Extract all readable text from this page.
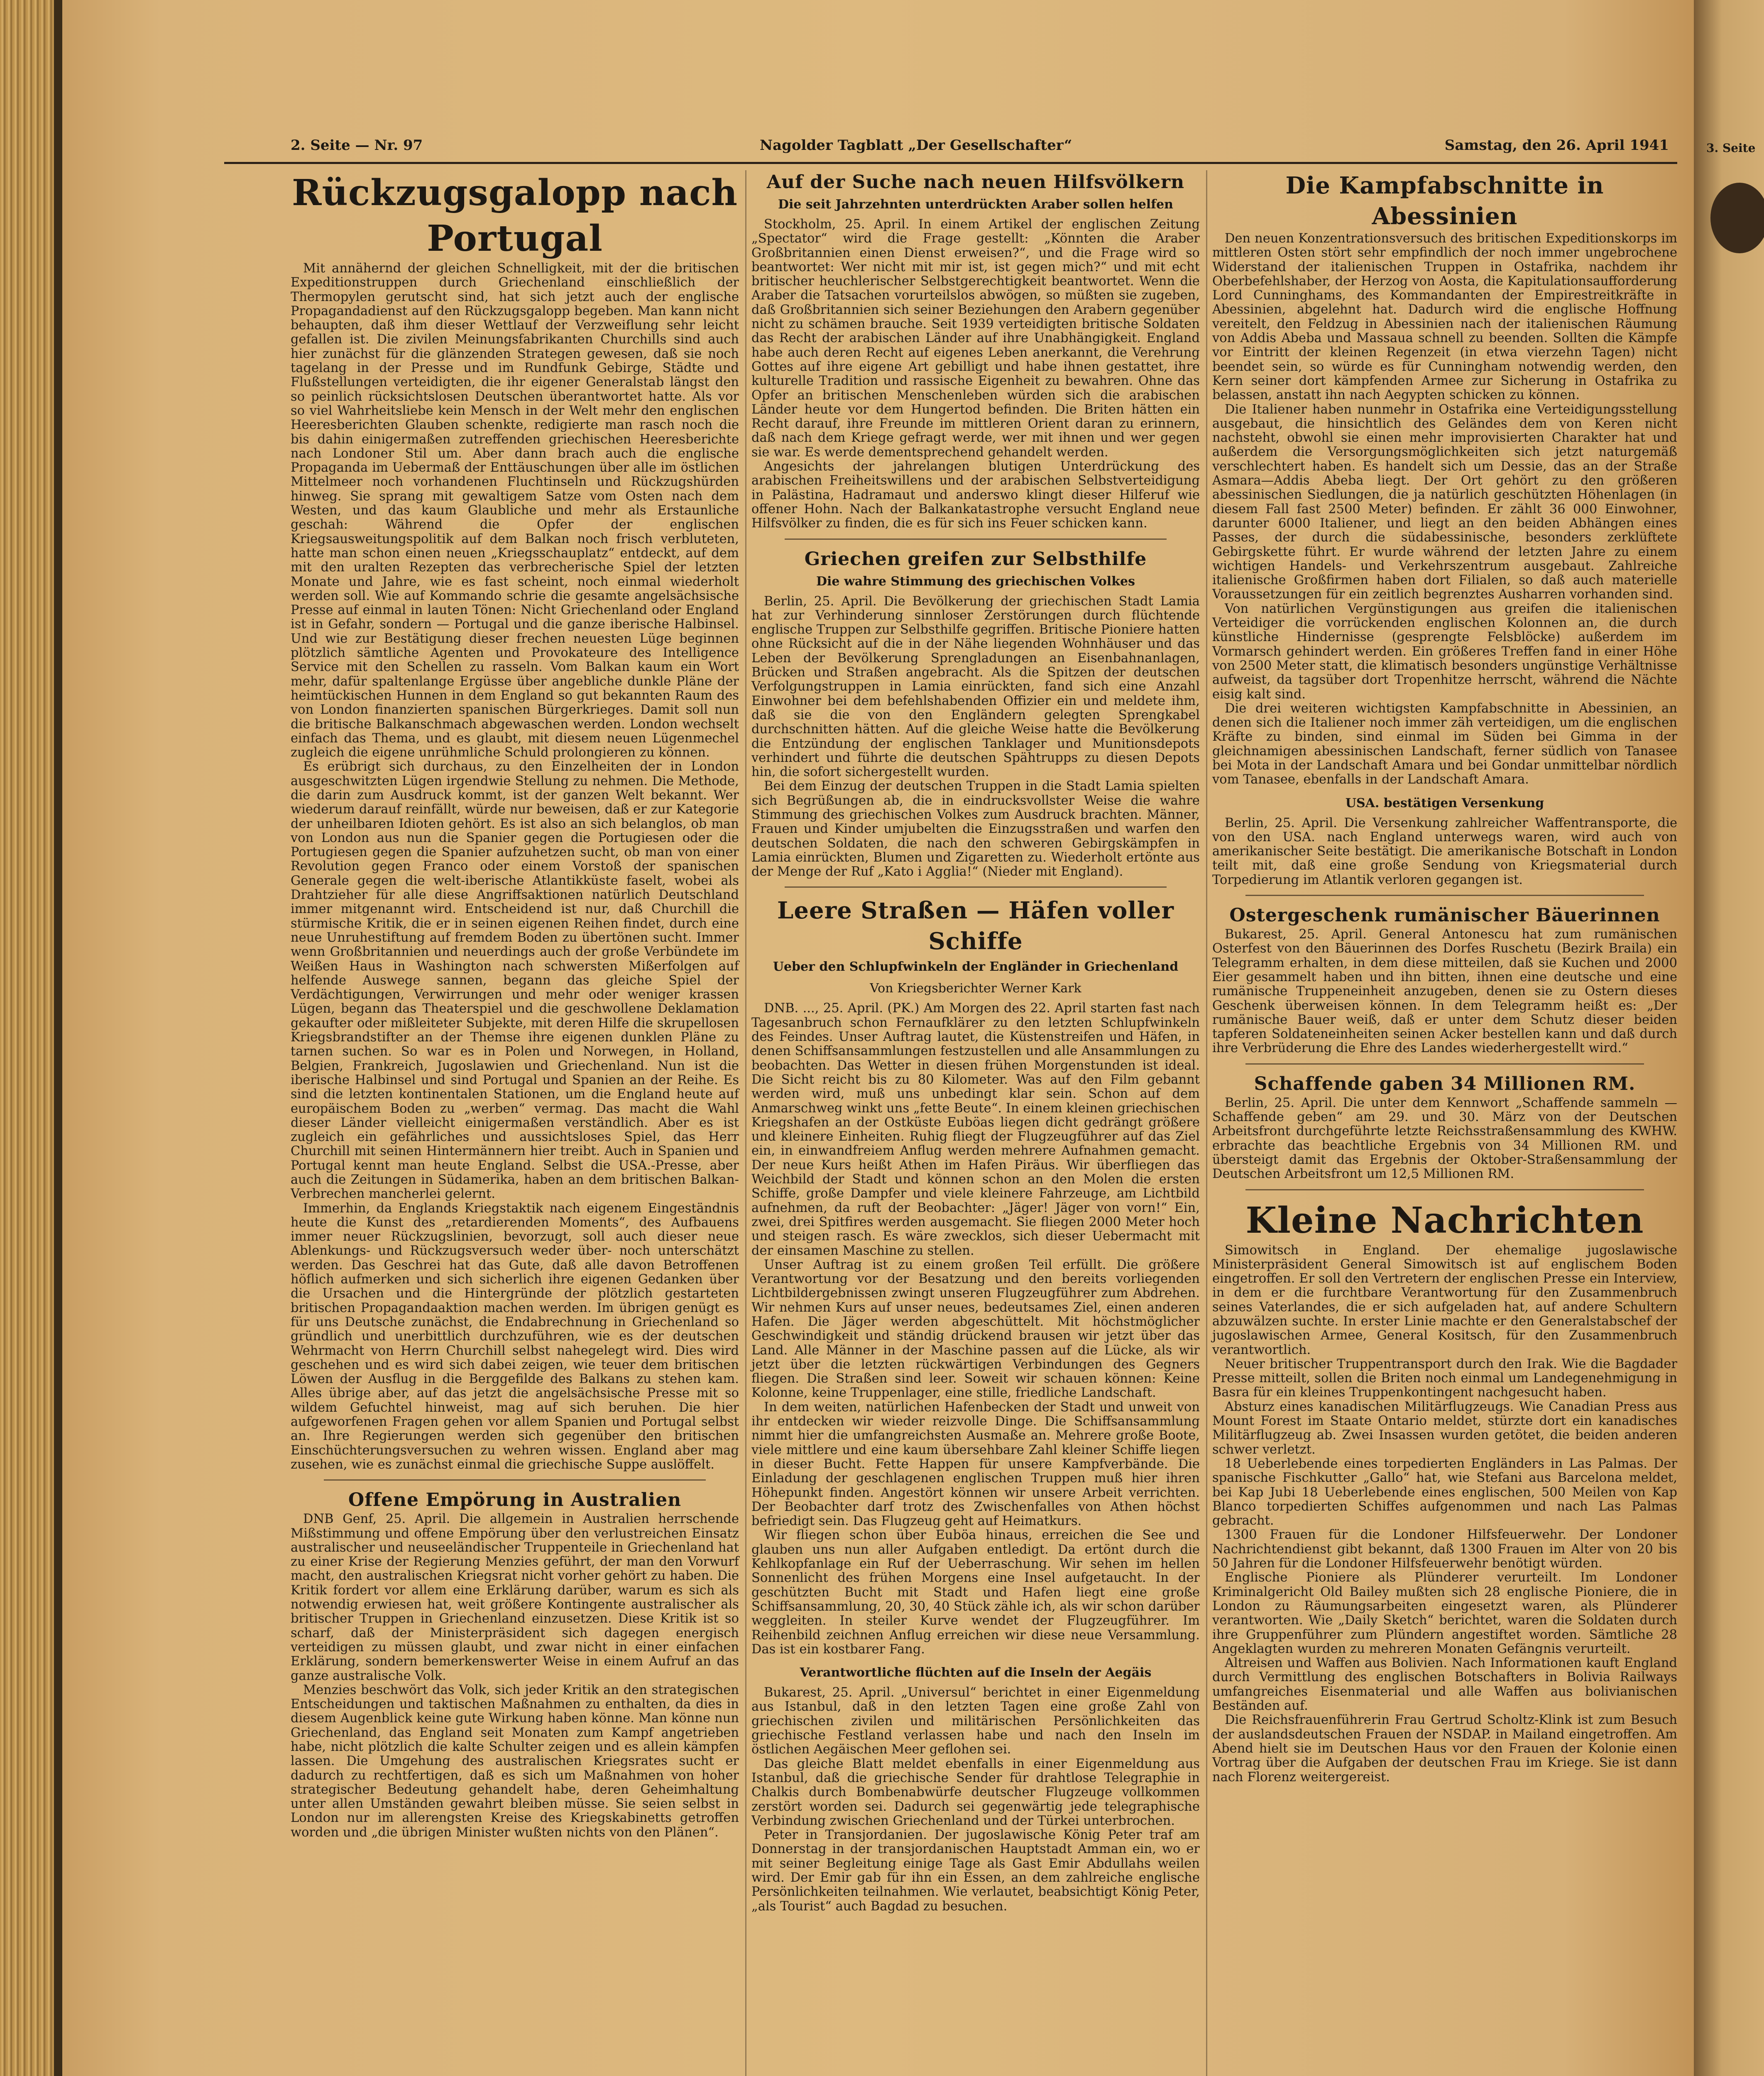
3. Seite
2. Seite — Nr. 97	Nagolder Tagblatt „Der Gesellschafter“	Samstag, den 26. April 1941
Rückzugsgalopp nach Portugal

Mit annähernd der gleichen Schnelligkeit, mit der die britischen Expeditionstruppen durch Griechenland einschließlich der Thermopylen gerutscht sind, hat sich jetzt auch der englische Propagandadienst auf den Rückzugsgalopp begeben. Man kann nicht behaupten, daß ihm dieser Wettlauf der Verzweiflung sehr leicht gefallen ist. Die zivilen Meinungsfabrikanten Churchills sind auch hier zunächst für die glänzenden Strategen gewesen, daß sie noch tagelang in der Presse und im Rundfunk Gebirge, Städte und Flußstellungen verteidigten, die ihr eigener Generalstab längst den so peinlich rücksichtslosen Deutschen überantwortet hatte. Als vor so viel Wahrheitsliebe kein Mensch in der Welt mehr den englischen Heeresberichten Glauben schenkte, redigierte man rasch noch die bis dahin einigermaßen zutreffenden griechischen Heeresberichte nach Londoner Stil um. Aber dann brach auch die englische Propaganda im Uebermaß der Enttäuschungen über alle im östlichen Mittelmeer noch vorhandenen Fluchtinseln und Rückzugshürden hinweg. Sie sprang mit gewaltigem Satze vom Osten nach dem Westen, und das kaum Glaubliche und mehr als Erstaunliche geschah: Während die Opfer der englischen Kriegsausweitungspolitik auf dem Balkan noch frisch verbluteten, hatte man schon einen neuen „Kriegsschauplatz“ entdeckt, auf dem mit den uralten Rezepten das verbrecherische Spiel der letzten Monate und Jahre, wie es fast scheint, noch einmal wiederholt werden soll. Wie auf Kommando schrie die gesamte angelsächsische Presse auf einmal in lauten Tönen: Nicht Griechenland oder England ist in Gefahr, sondern — Portugal und die ganze iberische Halbinsel. Und wie zur Bestätigung dieser frechen neuesten Lüge beginnen plötzlich sämtliche Agenten und Provokateure des Intelligence Service mit den Schellen zu rasseln. Vom Balkan kaum ein Wort mehr, dafür spaltenlange Ergüsse über angebliche dunkle Pläne der heimtückischen Hunnen in dem England so gut bekannten Raum des von London finanzierten spanischen Bürgerkrieges. Damit soll nun die britische Balkanschmach abgewaschen werden. London wechselt einfach das Thema, und es glaubt, mit diesem neuen Lügenmechel zugleich die eigene unrühmliche Schuld prolongieren zu können.

Es erübrigt sich durchaus, zu den Einzelheiten der in London ausgeschwitzten Lügen irgendwie Stellung zu nehmen. Die Methode, die darin zum Ausdruck kommt, ist der ganzen Welt bekannt. Wer wiederum darauf reinfällt, würde nur beweisen, daß er zur Kategorie der unheilbaren Idioten gehört. Es ist also an sich belanglos, ob man von London aus nun die Spanier gegen die Portugiesen oder die Portugiesen gegen die Spanier aufzuhetzen sucht, ob man von einer Revolution gegen Franco oder einem Vorstoß der spanischen Generale gegen die welt-iberische Atlantikküste faselt, wobei als Drahtzieher für alle diese Angriffsaktionen natürlich Deutschland immer mitgenannt wird. Entscheidend ist nur, daß Churchill die stürmische Kritik, die er in seinen eigenen Reihen findet, durch eine neue Unruhestiftung auf fremdem Boden zu übertönen sucht. Immer wenn Großbritannien und neuerdings auch der große Verbündete im Weißen Haus in Washington nach schwersten Mißerfolgen auf helfende Auswege sannen, begann das gleiche Spiel der Verdächtigungen, Verwirrungen und mehr oder weniger krassen Lügen, begann das Theaterspiel und die geschwollene Deklamation gekaufter oder mißleiteter Subjekte, mit deren Hilfe die skrupellosen Kriegsbrandstifter an der Themse ihre eigenen dunklen Pläne zu tarnen suchen. So war es in Polen und Norwegen, in Holland, Belgien, Frankreich, Jugoslawien und Griechenland. Nun ist die iberische Halbinsel und sind Portugal und Spanien an der Reihe. Es sind die letzten kontinentalen Stationen, um die England heute auf europäischem Boden zu „werben“ vermag. Das macht die Wahl dieser Länder vielleicht einigermaßen verständlich. Aber es ist zugleich ein gefährliches und aussichtsloses Spiel, das Herr Churchill mit seinen Hintermännern hier treibt. Auch in Spanien und Portugal kennt man heute England. Selbst die USA.-Presse, aber auch die Zeitungen in Südamerika, haben an dem britischen Balkan-Verbrechen mancherlei gelernt.

Immerhin, da Englands Kriegstaktik nach eigenem Eingeständnis heute die Kunst des „retardierenden Moments“, des Aufbauens immer neuer Rückzugslinien, bevorzugt, soll auch dieser neue Ablenkungs- und Rückzugsversuch weder über- noch unterschätzt werden. Das Geschrei hat das Gute, daß alle davon Betroffenen höflich aufmerken und sich sicherlich ihre eigenen Gedanken über die Ursachen und die Hintergründe der plötzlich gestarteten britischen Propagandaaktion machen werden. Im übrigen genügt es für uns Deutsche zunächst, die Endabrechnung in Griechenland so gründlich und unerbittlich durchzuführen, wie es der deutschen Wehrmacht von Herrn Churchill selbst nahegelegt wird. Dies wird geschehen und es wird sich dabei zeigen, wie teuer dem britischen Löwen der Ausflug in die Berggefilde des Balkans zu stehen kam. Alles übrige aber, auf das jetzt die angelsächsische Presse mit so wildem Gefuchtel hinweist, mag auf sich beruhen. Die hier aufgeworfenen Fragen gehen vor allem Spanien und Portugal selbst an. Ihre Regierungen werden sich gegenüber den britischen Einschüchterungsversuchen zu wehren wissen. England aber mag zusehen, wie es zunächst einmal die griechische Suppe auslöffelt.

Offene Empörung in Australien

DNB Genf, 25. April. Die allgemein in Australien herrschende Mißstimmung und offene Empörung über den verlustreichen Einsatz australischer und neuseeländischer Truppenteile in Griechenland hat zu einer Krise der Regierung Menzies geführt, der man den Vorwurf macht, den australischen Kriegsrat nicht vorher gehört zu haben. Die Kritik fordert vor allem eine Erklärung darüber, warum es sich als notwendig erwiesen hat, weit größere Kontingente australischer als britischer Truppen in Griechenland einzusetzen. Diese Kritik ist so scharf, daß der Ministerpräsident sich dagegen energisch verteidigen zu müssen glaubt, und zwar nicht in einer einfachen Erklärung, sondern bemerkenswerter Weise in einem Aufruf an das ganze australische Volk.

Menzies beschwört das Volk, sich jeder Kritik an den strategischen Entscheidungen und taktischen Maßnahmen zu enthalten, da dies in diesem Augenblick keine gute Wirkung haben könne. Man könne nun Griechenland, das England seit Monaten zum Kampf angetrieben habe, nicht plötzlich die kalte Schulter zeigen und es allein kämpfen lassen. Die Umgehung des australischen Kriegsrates sucht er dadurch zu rechtfertigen, daß es sich um Maßnahmen von hoher strategischer Bedeutung gehandelt habe, deren Geheimhaltung unter allen Umständen gewahrt bleiben müsse. Sie seien selbst in London nur im allerengsten Kreise des Kriegskabinetts getroffen worden und „die übrigen Minister wußten nichts von den Plänen“.

Auf der Suche nach neuen Hilfsvölkern
Die seit Jahrzehnten unterdrückten Araber sollen helfen

Stockholm, 25. April. In einem Artikel der englischen Zeitung „Spectator“ wird die Frage gestellt: „Könnten die Araber Großbritannien einen Dienst erweisen?“, und die Frage wird so beantwortet: Wer nicht mit mir ist, ist gegen mich?“ und mit echt britischer heuchlerischer Selbstgerechtigkeit beantwortet. Wenn die Araber die Tatsachen vorurteilslos abwögen, so müßten sie zugeben, daß Großbritannien sich seiner Beziehungen den Arabern gegenüber nicht zu schämen brauche. Seit 1939 verteidigten britische Soldaten das Recht der arabischen Länder auf ihre Unabhängigkeit. England habe auch deren Recht auf eigenes Leben anerkannt, die Verehrung Gottes auf ihre eigene Art gebilligt und habe ihnen gestattet, ihre kulturelle Tradition und rassische Eigenheit zu bewahren. Ohne das Opfer an britischen Menschenleben würden sich die arabischen Länder heute vor dem Hungertod befinden. Die Briten hätten ein Recht darauf, ihre Freunde im mittleren Orient daran zu erinnern, daß nach dem Kriege gefragt werde, wer mit ihnen und wer gegen sie war. Es werde dementsprechend gehandelt werden.

Angesichts der jahrelangen blutigen Unterdrückung des arabischen Freiheitswillens und der arabischen Selbstverteidigung in Palästina, Hadramaut und anderswo klingt dieser Hilferuf wie offener Hohn. Nach der Balkankatastrophe versucht England neue Hilfsvölker zu finden, die es für sich ins Feuer schicken kann.

Griechen greifen zur Selbsthilfe
Die wahre Stimmung des griechischen Volkes

Berlin, 25. April. Die Bevölkerung der griechischen Stadt Lamia hat zur Verhinderung sinnloser Zerstörungen durch flüchtende englische Truppen zur Selbsthilfe gegriffen. Britische Pioniere hatten ohne Rücksicht auf die in der Nähe liegenden Wohnhäuser und das Leben der Bevölkerung Sprengladungen an Eisenbahnanlagen, Brücken und Straßen angebracht. Als die Spitzen der deutschen Verfolgungstruppen in Lamia einrückten, fand sich eine Anzahl Einwohner bei dem befehlshabenden Offizier ein und meldete ihm, daß sie die von den Engländern gelegten Sprengkabel durchschnitten hätten. Auf die gleiche Weise hatte die Bevölkerung die Entzündung der englischen Tanklager und Munitionsdepots verhindert und führte die deutschen Spähtrupps zu diesen Depots hin, die sofort sichergestellt wurden.

Bei dem Einzug der deutschen Truppen in die Stadt Lamia spielten sich Begrüßungen ab, die in eindrucksvollster Weise die wahre Stimmung des griechischen Volkes zum Ausdruck brachten. Männer, Frauen und Kinder umjubelten die Einzugsstraßen und warfen den deutschen Soldaten, die nach den schweren Gebirgskämpfen in Lamia einrückten, Blumen und Zigaretten zu. Wiederholt ertönte aus der Menge der Ruf „Kato i Agglia!“ (Nieder mit England).

Leere Straßen — Häfen voller Schiffe
Ueber den Schlupfwinkeln der Engländer in Griechenland
Von Kriegsberichter Werner Kark

DNB. ..., 25. April. (PK.) Am Morgen des 22. April starten fast nach Tagesanbruch schon Fernaufklärer zu den letzten Schlupfwinkeln des Feindes. Unser Auftrag lautet, die Küstenstreifen und Häfen, in denen Schiffsansammlungen festzustellen und alle Ansammlungen zu beobachten. Das Wetter in diesen frühen Morgenstunden ist ideal. Die Sicht reicht bis zu 80 Kilometer. Was auf den Film gebannt werden wird, muß uns unbedingt klar sein. Schon auf dem Anmarschweg winkt uns „fette Beute“. In einem kleinen griechischen Kriegshafen an der Ostküste Euböas liegen dicht gedrängt größere und kleinere Einheiten. Ruhig fliegt der Flugzeugführer auf das Ziel ein, in einwandfreiem Anflug werden mehrere Aufnahmen gemacht. Der neue Kurs heißt Athen im Hafen Piräus. Wir überfliegen das Weichbild der Stadt und können schon an den Molen die ersten Schiffe, große Dampfer und viele kleinere Fahrzeuge, am Lichtbild aufnehmen, da ruft der Beobachter: „Jäger! Jäger von vorn!“ Ein, zwei, drei Spitfires werden ausgemacht. Sie fliegen 2000 Meter hoch und steigen rasch. Es wäre zwecklos, sich dieser Uebermacht mit der einsamen Maschine zu stellen.

Unser Auftrag ist zu einem großen Teil erfüllt. Die größere Verantwortung vor der Besatzung und den bereits vorliegenden Lichtbildergebnissen zwingt unseren Flugzeugführer zum Abdrehen. Wir nehmen Kurs auf unser neues, bedeutsames Ziel, einen anderen Hafen. Die Jäger werden abgeschüttelt. Mit höchstmöglicher Geschwindigkeit und ständig drückend brausen wir jetzt über das Land. Alle Männer in der Maschine passen auf die Lücke, als wir jetzt über die letzten rückwärtigen Verbindungen des Gegners fliegen. Die Straßen sind leer. Soweit wir schauen können: Keine Kolonne, keine Truppenlager, eine stille, friedliche Landschaft.

In dem weiten, natürlichen Hafenbecken der Stadt und unweit von ihr entdecken wir wieder reizvolle Dinge. Die Schiffsansammlung nimmt hier die umfangreichsten Ausmaße an. Mehrere große Boote, viele mittlere und eine kaum übersehbare Zahl kleiner Schiffe liegen in dieser Bucht. Fette Happen für unsere Kampfverbände. Die Einladung der geschlagenen englischen Truppen muß hier ihren Höhepunkt finden. Angestört können wir unsere Arbeit verrichten. Der Beobachter darf trotz des Zwischenfalles von Athen höchst befriedigt sein. Das Flugzeug geht auf Heimatkurs.

Wir fliegen schon über Euböa hinaus, erreichen die See und glauben uns nun aller Aufgaben entledigt. Da ertönt durch die Kehlkopfanlage ein Ruf der Ueberraschung. Wir sehen im hellen Sonnenlicht des frühen Morgens eine Insel aufgetaucht. In der geschützten Bucht mit Stadt und Hafen liegt eine große Schiffsansammlung, 20, 30, 40 Stück zähle ich, als wir schon darüber weggleiten. In steiler Kurve wendet der Flugzeugführer. Im Reihenbild zeichnen Anflug erreichen wir diese neue Versammlung. Das ist ein kostbarer Fang.

Verantwortliche flüchten auf die Inseln der Aegäis

Bukarest, 25. April. „Universul“ berichtet in einer Eigenmeldung aus Istanbul, daß in den letzten Tagen eine große Zahl von griechischen zivilen und militärischen Persönlichkeiten das griechische Festland verlassen habe und nach den Inseln im östlichen Aegäischen Meer geflohen sei.

Das gleiche Blatt meldet ebenfalls in einer Eigenmeldung aus Istanbul, daß die griechische Sender für drahtlose Telegraphie in Chalkis durch Bombenabwürfe deutscher Flugzeuge vollkommen zerstört worden sei. Dadurch sei gegenwärtig jede telegraphische Verbindung zwischen Griechenland und der Türkei unterbrochen.

Peter in Transjordanien. Der jugoslawische König Peter traf am Donnerstag in der transjordanischen Hauptstadt Amman ein, wo er mit seiner Begleitung einige Tage als Gast Emir Abdullahs weilen wird. Der Emir gab für ihn ein Essen, an dem zahlreiche englische Persönlichkeiten teilnahmen. Wie verlautet, beabsichtigt König Peter, „als Tourist“ auch Bagdad zu besuchen.

Die Kampfabschnitte in Abessinien

Den neuen Konzentrationsversuch des britischen Expeditionskorps im mittleren Osten stört sehr empfindlich der noch immer ungebrochene Widerstand der italienischen Truppen in Ostafrika, nachdem ihr Oberbefehlshaber, der Herzog von Aosta, die Kapitulationsaufforderung Lord Cunninghams, des Kommandanten der Empirestreitkräfte in Abessinien, abgelehnt hat. Dadurch wird die englische Hoffnung vereitelt, den Feldzug in Abessinien nach der italienischen Räumung von Addis Abeba und Massaua schnell zu beenden. Sollten die Kämpfe vor Eintritt der kleinen Regenzeit (in etwa vierzehn Tagen) nicht beendet sein, so würde es für Cunningham notwendig werden, den Kern seiner dort kämpfenden Armee zur Sicherung in Ostafrika zu belassen, anstatt ihn nach Aegypten schicken zu können.

Die Italiener haben nunmehr in Ostafrika eine Verteidigungsstellung ausgebaut, die hinsichtlich des Geländes dem von Keren nicht nachsteht, obwohl sie einen mehr improvisierten Charakter hat und außerdem die Versorgungsmöglichkeiten sich jetzt naturgemäß verschlechtert haben. Es handelt sich um Dessie, das an der Straße Asmara—Addis Abeba liegt. Der Ort gehört zu den größeren abessinischen Siedlungen, die ja natürlich geschützten Höhenlagen (in diesem Fall fast 2500 Meter) befinden. Er zählt 36 000 Einwohner, darunter 6000 Italiener, und liegt an den beiden Abhängen eines Passes, der durch die südabessinische, besonders zerklüftete Gebirgskette führt. Er wurde während der letzten Jahre zu einem wichtigen Handels- und Verkehrszentrum ausgebaut. Zahlreiche italienische Großfirmen haben dort Filialen, so daß auch materielle Voraussetzungen für ein zeitlich begrenztes Ausharren vorhanden sind.

Von natürlichen Vergünstigungen aus greifen die italienischen Verteidiger die vorrückenden englischen Kolonnen an, die durch künstliche Hindernisse (gesprengte Felsblöcke) außerdem im Vormarsch gehindert werden. Ein größeres Treffen fand in einer Höhe von 2500 Meter statt, die klimatisch besonders ungünstige Verhältnisse aufweist, da tagsüber dort Tropenhitze herrscht, während die Nächte eisig kalt sind.

Die drei weiteren wichtigsten Kampfabschnitte in Abessinien, an denen sich die Italiener noch immer zäh verteidigen, um die englischen Kräfte zu binden, sind einmal im Süden bei Gimma in der gleichnamigen abessinischen Landschaft, ferner südlich von Tanasee bei Mota in der Landschaft Amara und bei Gondar unmittelbar nördlich vom Tanasee, ebenfalls in der Landschaft Amara.

USA. bestätigen Versenkung

Berlin, 25. April. Die Versenkung zahlreicher Waffentransporte, die von den USA. nach England unterwegs waren, wird auch von amerikanischer Seite bestätigt. Die amerikanische Botschaft in London teilt mit, daß eine große Sendung von Kriegsmaterial durch Torpedierung im Atlantik verloren gegangen ist.

Ostergeschenk rumänischer Bäuerinnen

Bukarest, 25. April. General Antonescu hat zum rumänischen Osterfest von den Bäuerinnen des Dorfes Ruschetu (Bezirk Braila) ein Telegramm erhalten, in dem diese mitteilen, daß sie Kuchen und 2000 Eier gesammelt haben und ihn bitten, ihnen eine deutsche und eine rumänische Truppeneinheit anzugeben, denen sie zu Ostern dieses Geschenk überweisen können. In dem Telegramm heißt es: „Der rumänische Bauer weiß, daß er unter dem Schutz dieser beiden tapferen Soldateneinheiten seinen Acker bestellen kann und daß durch ihre Verbrüderung die Ehre des Landes wiederhergestellt wird.“

Schaffende gaben 34 Millionen RM.

Berlin, 25. April. Die unter dem Kennwort „Schaffende sammeln — Schaffende geben“ am 29. und 30. März von der Deutschen Arbeitsfront durchgeführte letzte Reichsstraßensammlung des KWHW. erbrachte das beachtliche Ergebnis von 34 Millionen RM. und übersteigt damit das Ergebnis der Oktober-Straßensammlung der Deutschen Arbeitsfront um 12,5 Millionen RM.

Kleine Nachrichten

Simowitsch in England. Der ehemalige jugoslawische Ministerpräsident General Simowitsch ist auf englischem Boden eingetroffen. Er soll den Vertretern der englischen Presse ein Interview, in dem er die furchtbare Verantwortung für den Zusammenbruch seines Vaterlandes, die er sich aufgeladen hat, auf andere Schultern abzuwälzen suchte. In erster Linie machte er den Generalstabschef der jugoslawischen Armee, General Kositsch, für den Zusammenbruch verantwortlich.

Neuer britischer Truppentransport durch den Irak. Wie die Bagdader Presse mitteilt, sollen die Briten noch einmal um Landegenehmigung in Basra für ein kleines Truppenkontingent nachgesucht haben.

Absturz eines kanadischen Militärflugzeugs. Wie Canadian Press aus Mount Forest im Staate Ontario meldet, stürzte dort ein kanadisches Militärflugzeug ab. Zwei Insassen wurden getötet, die beiden anderen schwer verletzt.

18 Ueberlebende eines torpedierten Engländers in Las Palmas. Der spanische Fischkutter „Gallo“ hat, wie Stefani aus Barcelona meldet, bei Kap Jubi 18 Ueberlebende eines englischen, 500 Meilen von Kap Blanco torpedierten Schiffes aufgenommen und nach Las Palmas gebracht.

1300 Frauen für die Londoner Hilfsfeuerwehr. Der Londoner Nachrichtendienst gibt bekannt, daß 1300 Frauen im Alter von 20 bis 50 Jahren für die Londoner Hilfsfeuerwehr benötigt würden.

Englische Pioniere als Plünderer verurteilt. Im Londoner Kriminalgericht Old Bailey mußten sich 28 englische Pioniere, die in London zu Räumungsarbeiten eingesetzt waren, als Plünderer verantworten. Wie „Daily Sketch“ berichtet, waren die Soldaten durch ihre Gruppenführer zum Plündern angestiftet worden. Sämtliche 28 Angeklagten wurden zu mehreren Monaten Gefängnis verurteilt.

Altreisen und Waffen aus Bolivien. Nach Informationen kauft England durch Vermittlung des englischen Botschafters in Bolivia Railways umfangreiches Eisenmaterial und alle Waffen aus bolivianischen Beständen auf.

Die Reichsfrauenführerin Frau Gertrud Scholtz-Klink ist zum Besuch der auslandsdeutschen Frauen der NSDAP. in Mailand eingetroffen. Am Abend hielt sie im Deutschen Haus vor den Frauen der Kolonie einen Vortrag über die Aufgaben der deutschen Frau im Kriege. Sie ist dann nach Florenz weitergereist.
